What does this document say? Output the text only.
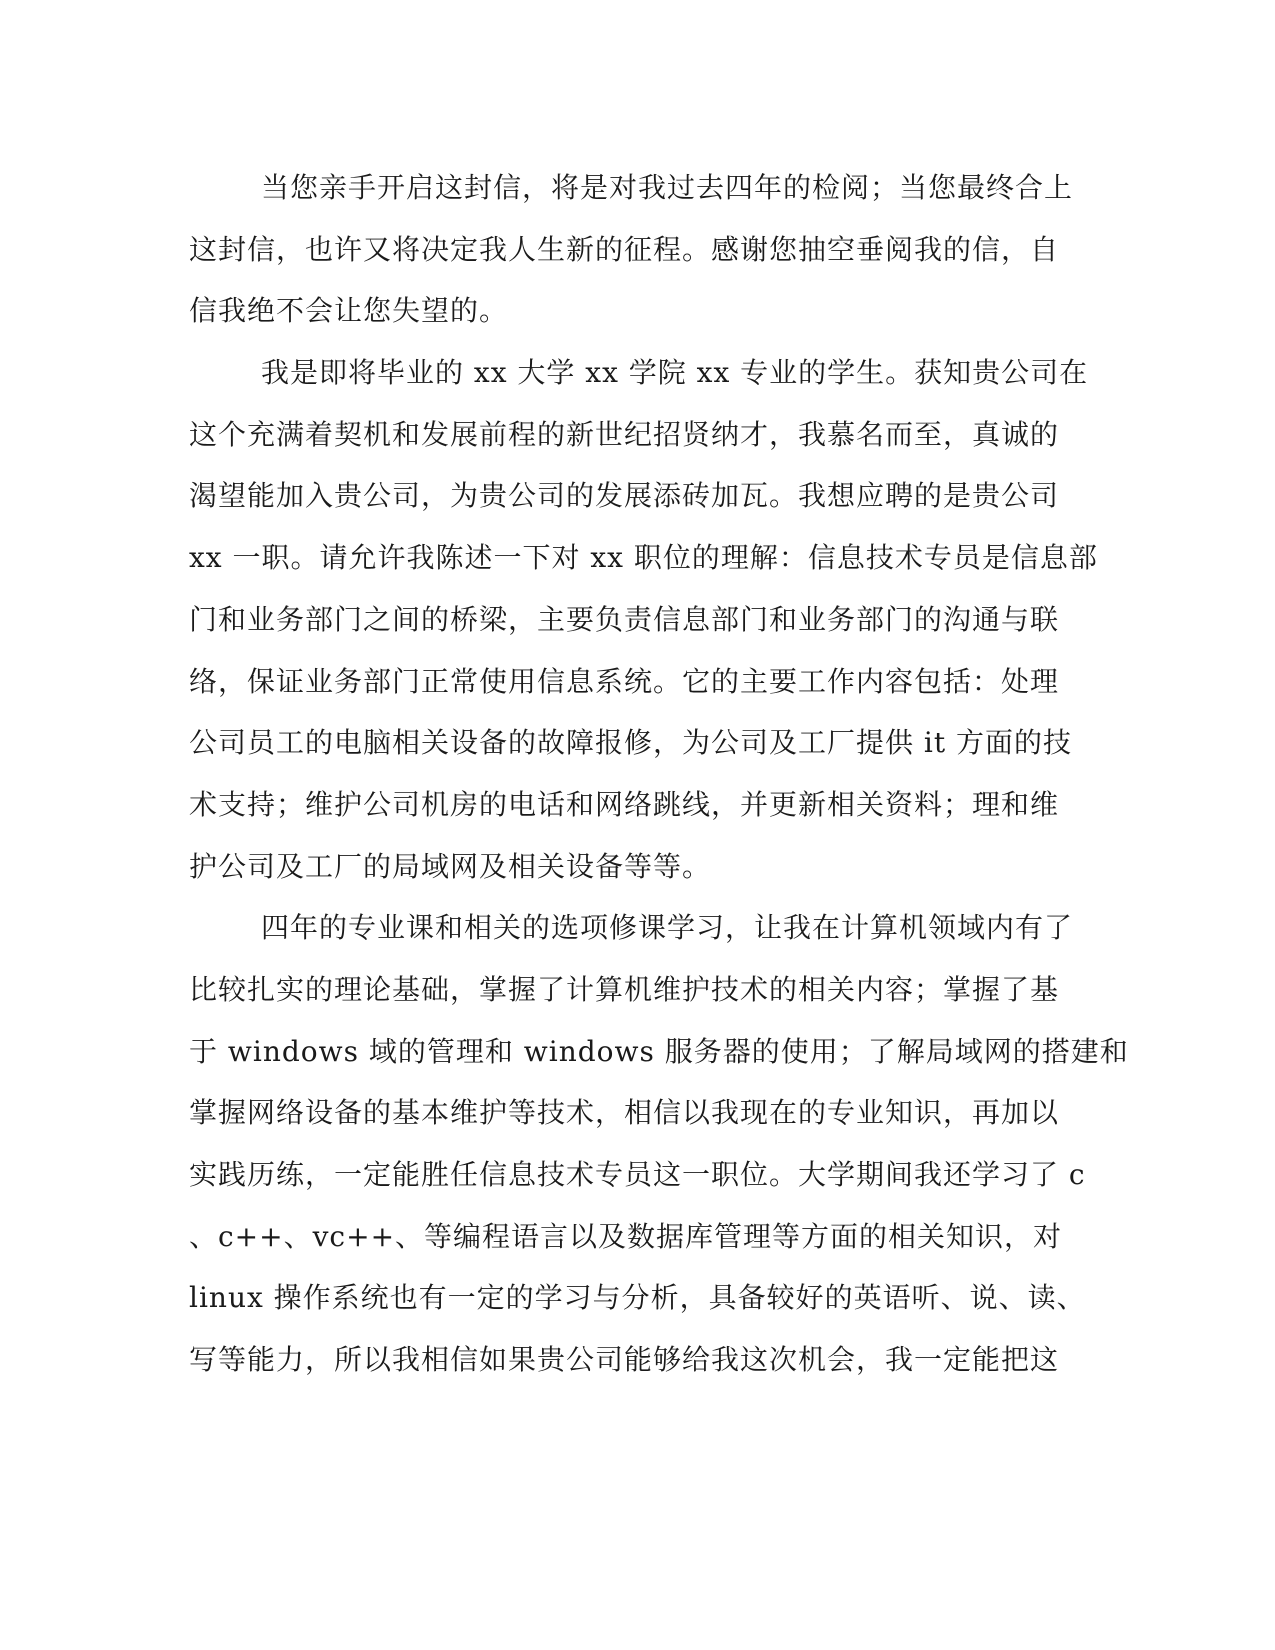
当您亲手开启这封信，将是对我过去四年的检阅；当您最终合上
这封信，也许又将决定我人生新的征程。感谢您抽空垂阅我的信，自
信我绝不会让您失望的。
我是即将毕业的 xx 大学 xx 学院 xx 专业的学生。获知贵公司在
这个充满着契机和发展前程的新世纪招贤纳才，我慕名而至，真诚的
渴望能加入贵公司，为贵公司的发展添砖加瓦。我想应聘的是贵公司
xx 一职。请允许我陈述一下对 xx 职位的理解：信息技术专员是信息部
门和业务部门之间的桥梁，主要负责信息部门和业务部门的沟通与联
络，保证业务部门正常使用信息系统。它的主要工作内容包括：处理
公司员工的电脑相关设备的故障报修，为公司及工厂提供 it 方面的技
术支持；维护公司机房的电话和网络跳线，并更新相关资料；理和维
护公司及工厂的局域网及相关设备等等。
四年的专业课和相关的选项修课学习，让我在计算机领域内有了
比较扎实的理论基础，掌握了计算机维护技术的相关内容；掌握了基
于 windows 域的管理和 windows 服务器的使用；了解局域网的搭建和
掌握网络设备的基本维护等技术，相信以我现在的专业知识，再加以
实践历练，一定能胜任信息技术专员这一职位。大学期间我还学习了 c
、c++、vc++、等编程语言以及数据库管理等方面的相关知识，对
linux 操作系统也有一定的学习与分析，具备较好的英语听、说、读、
写等能力，所以我相信如果贵公司能够给我这次机会，我一定能把这
